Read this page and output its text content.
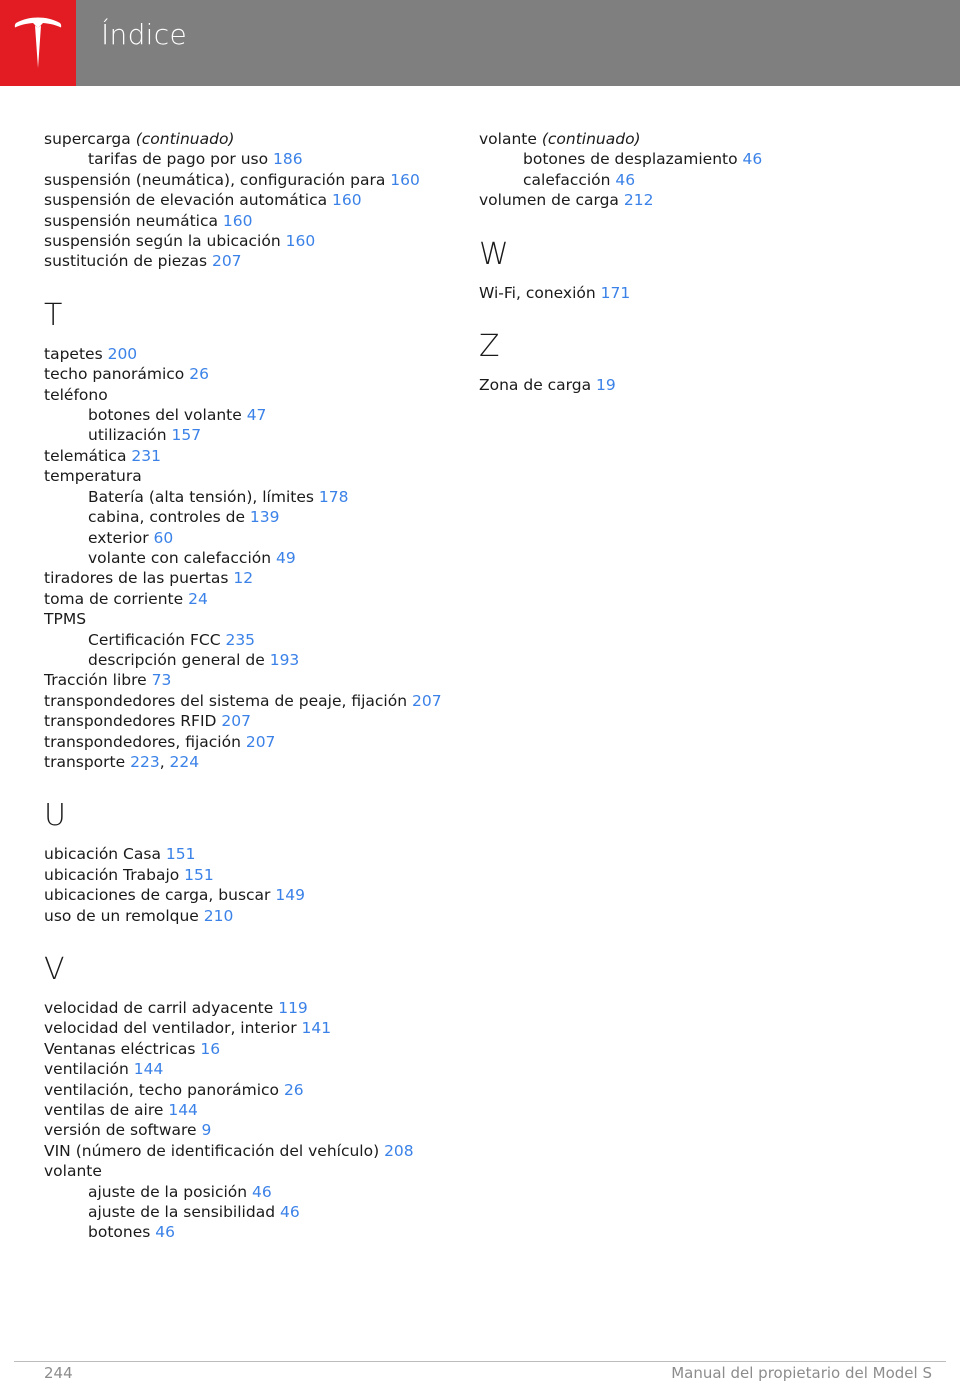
Índice
supercarga (continuado)
tarifas de pago por uso 186
suspensión (neumática), configuración para 160
suspensión de elevación automática 160
suspensión neumática 160
suspensión según la ubicación 160
sustitución de piezas 207
T
tapetes 200
techo panorámico 26
teléfono
botones del volante 47
utilización 157
telemática 231
temperatura
Batería (alta tensión), límites 178
cabina, controles de 139
exterior 60
volante con calefacción 49
tiradores de las puertas 12
toma de corriente 24
TPMS
Certificación FCC 235
descripción general de 193
Tracción libre 73
transpondedores del sistema de peaje, fijación 207
transpondedores RFID 207
transpondedores, fijación 207
transporte 223, 224
U
ubicación Casa 151
ubicación Trabajo 151
ubicaciones de carga, buscar 149
uso de un remolque 210
V
velocidad de carril adyacente 119
velocidad del ventilador, interior 141
Ventanas eléctricas 16
ventilación 144
ventilación, techo panorámico 26
ventilas de aire 144
versión de software 9
VIN (número de identificación del vehículo) 208
volante
ajuste de la posición 46
ajuste de la sensibilidad 46
botones 46
volante (continuado)
botones de desplazamiento 46
calefacción 46
volumen de carga 212
W
Wi-Fi, conexión 171
Z
Zona de carga 19
244	Manual del propietario del Model S
